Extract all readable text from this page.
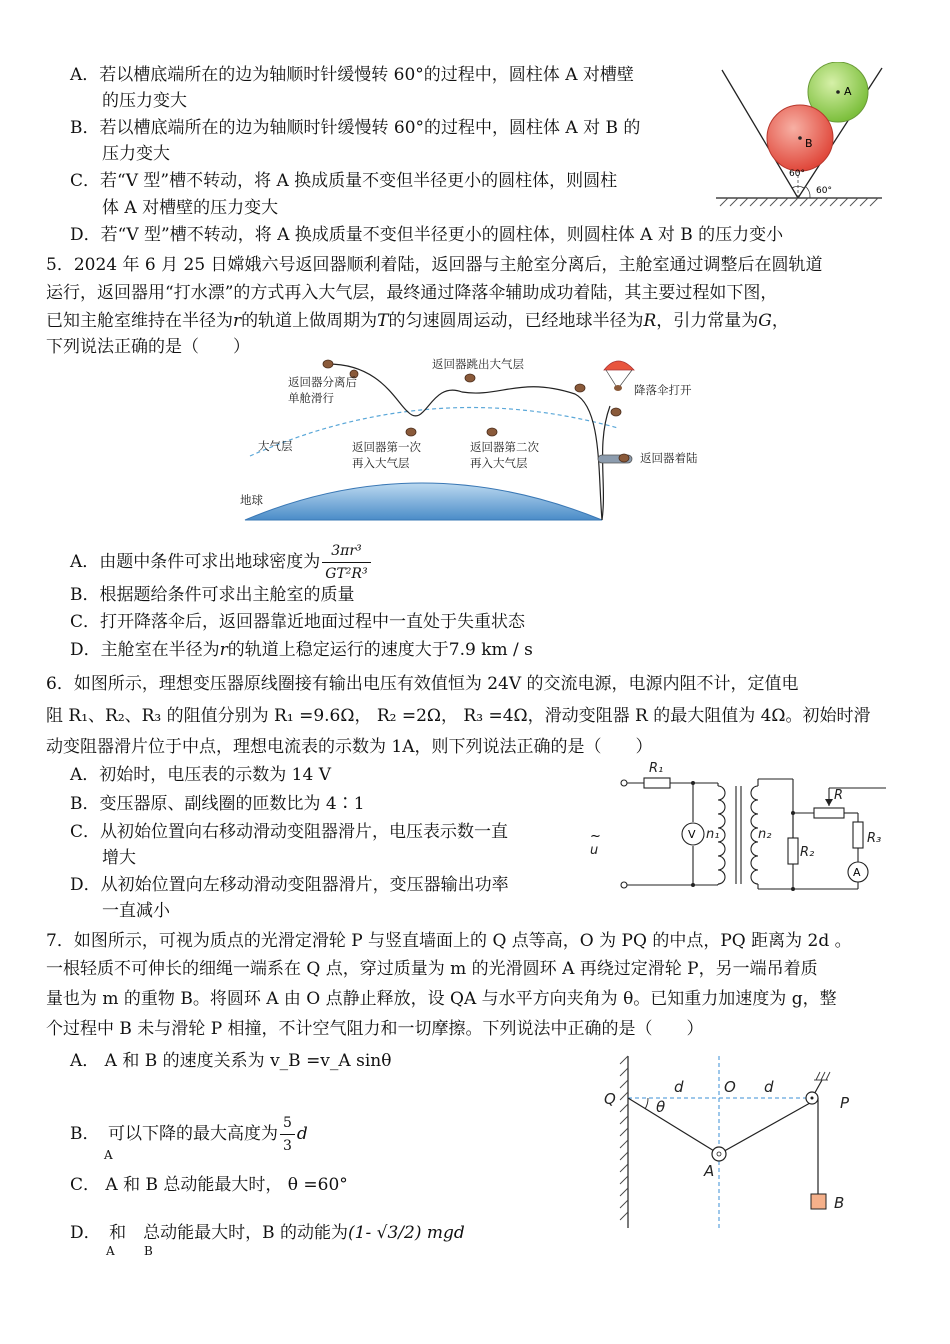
A．若以槽底端所在的边为轴顺时针缓慢转 60°的过程中，圆柱体 A 对槽壁
的压力变大
B．若以槽底端所在的边为轴顺时针缓慢转 60°的过程中，圆柱体 A 对 B 的
压力变大
C．若“V 型”槽不转动，将 A 换成质量不变但半径更小的圆柱体，则圆柱
体 A 对槽壁的压力变大
D．若“V 型”槽不转动，将 A 换成质量不变但半径更小的圆柱体，则圆柱体 A 对 B 的压力变小
A
B
60°
60°
5．2024 年 6 月 25 日嫦娥六号返回器顺利着陆，返回器与主舱室分离后，主舱室通过调整后在圆轨道
运行，返回器用“打水漂”的方式再入大气层，最终通过降落伞辅助成功着陆，其主要过程如下图，
已知主舱室维持在半径为r的轨道上做周期为T的匀速圆周运动，已经地球半径为R，引力常量为G，
下列说法正确的是（　　）
返回器分离后
单舱滑行
返回器跳出大气层
降落伞打开
大气层	返回器第一次
再入大气层
返回器第二次
再入大气层	返回器着陆
地球
A．由题中条件可求出地球密度为 $\frac{\text{3πr³}}{\text{GT²R³}}$
B．根据题给条件可求出主舱室的质量
C．打开降落伞后，返回器靠近地面过程中一直处于失重状态
D．主舱室在半径为r的轨道上稳定运行的速度大于7.9 km / s
6．如图所示，理想变压器原线圈接有输出电压有效值恒为 24V 的交流电源，电源内阻不计，定值电
阻 R₁、R₂、R₃ 的阻值分别为 R₁ =9.6Ω， R₂ =2Ω， R₃ =4Ω，滑动变阻器 R 的最大阻值为 4Ω。初始时滑
动变阻器滑片位于中点，理想电流表的示数为 1A，则下列说法正确的是（　　）
A．初始时，电压表的示数为 14 V
B．变压器原、副线圈的匝数比为 4∶1
C．从初始位置向右移动滑动变阻器滑片，电压表示数一直
增大
D．从初始位置向左移动滑动变阻器滑片，变压器输出功率
一直减小
R₁
R
R₂
R₃
n₁	n₂
u
~	V
A
7．如图所示，可视为质点的光滑定滑轮 P 与竖直墙面上的 Q 点等高，O 为 PQ 的中点，PQ 距离为 2d 。
一根轻质不可伸长的细绳一端系在 Q 点，穿过质量为 m 的光滑圆环 A 再绕过定滑轮 P，另一端吊着质
量也为 m 的重物 B。将圆环 A 由 O 点静止释放，设 QA 与水平方向夹角为 θ。已知重力加速度为 g，整
个过程中 B 未与滑轮 P 相撞，不计空气阻力和一切摩擦。下列说法中正确的是（　　）
A． A 和 B 的速度关系为 v_B =v_A sinθ
B．　可以下降的最大高度为 $\frac{5}{3}$ d
A
C． A 和 B 总动能最大时， θ =60°
D．　和　总动能最大时，B 的动能为(1- √3/2) mgd
A B
Q
O
P
A
B
d	d
θ
